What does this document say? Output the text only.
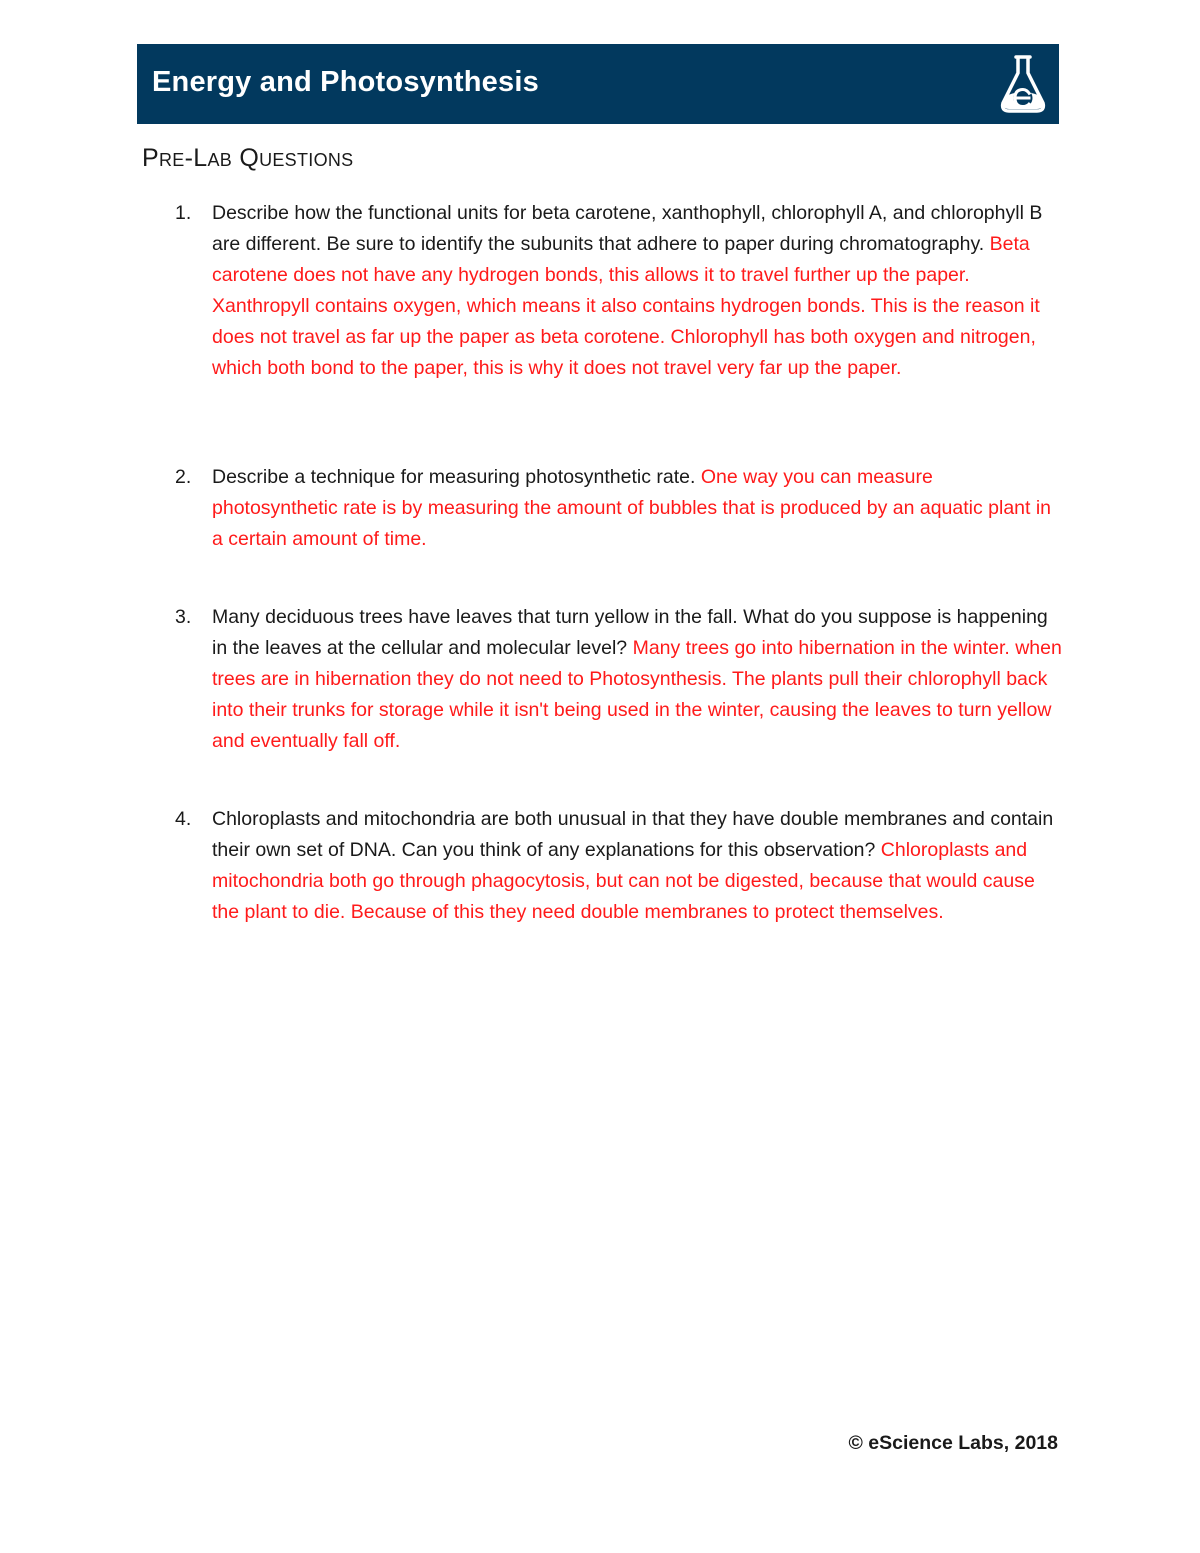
Energy and Photosynthesis
PRE-LAB QUESTIONS
1. Describe how the functional units for beta carotene, xanthophyll, chlorophyll A, and chlorophyll B are different. Be sure to identify the subunits that adhere to paper during chromatography. Beta carotene does not have any hydrogen bonds, this allows it to travel further up the paper. Xanthropyll contains oxygen, which means it also contains hydrogen bonds. This is the reason it does not travel as far up the paper as beta corotene. Chlorophyll has both oxygen and nitrogen, which both bond to the paper, this is why it does not travel very far up the paper.
2. Describe a technique for measuring photosynthetic rate. One way you can measure photosynthetic rate is by measuring the amount of bubbles that is produced by an aquatic plant in a certain amount of time.
3. Many deciduous trees have leaves that turn yellow in the fall. What do you suppose is happening in the leaves at the cellular and molecular level? Many trees go into hibernation in the winter. when trees are in hibernation they do not need to Photosynthesis. The plants pull their chlorophyll back into their trunks for storage while it isn't being used in the winter, causing the leaves to turn yellow and eventually fall off.
4. Chloroplasts and mitochondria are both unusual in that they have double membranes and contain their own set of DNA. Can you think of any explanations for this observation? Chloroplasts and mitochondria both go through phagocytosis, but can not be digested, because that would cause the plant to die. Because of this they need double membranes to protect themselves.
© eScience Labs, 2018
